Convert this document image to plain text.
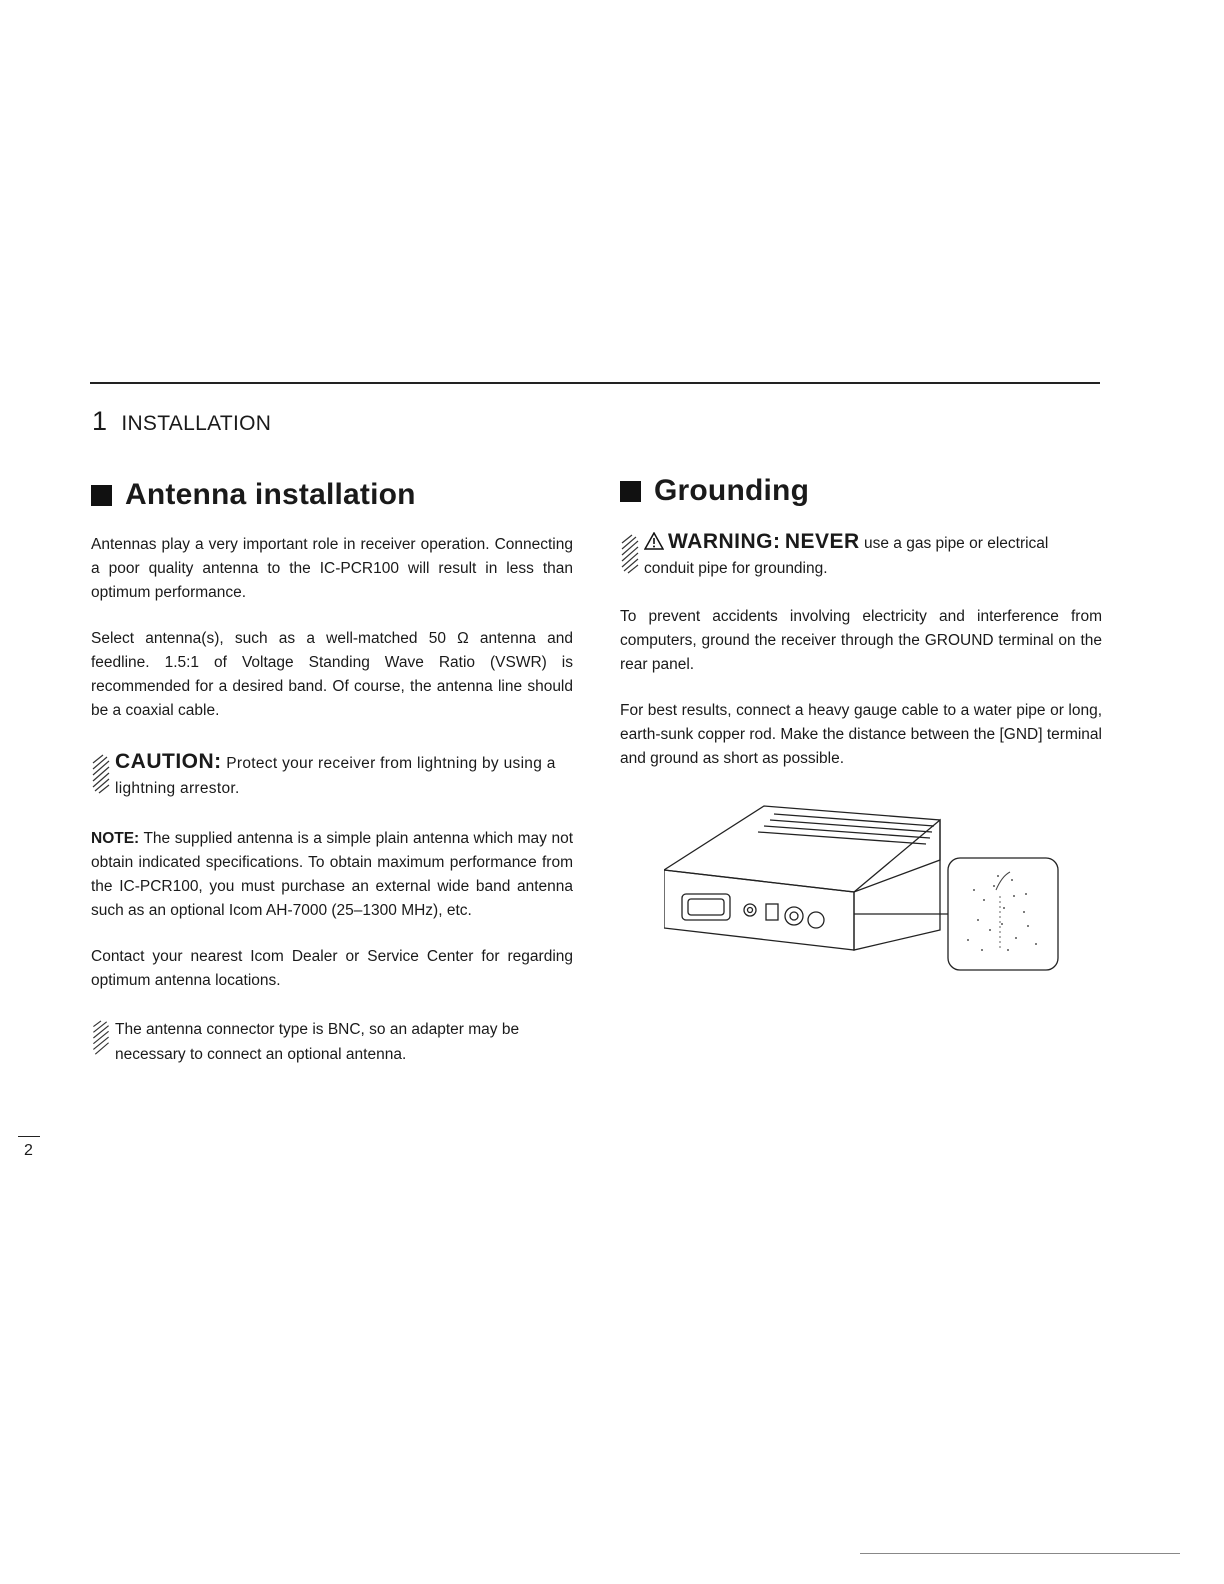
1 INSTALLATION
Antenna installation

Antennas play a very important role in receiver operation. Connecting a poor quality antenna to the IC-PCR100 will result in less than optimum performance.

Select antenna(s), such as a well-matched 50 Ω antenna and feedline. 1.5:1 of Voltage Standing Wave Ratio (VSWR) is recommended for a desired band. Of course, the antenna line should be a coaxial cable.

CAUTION: Protect your receiver from lightning by using a lightning arrestor.

NOTE: The supplied antenna is a simple plain antenna which may not obtain indicated specifications. To obtain maximum performance from the IC-PCR100, you must purchase an external wide band antenna such as an optional Icom AH-7000 (25–1300 MHz), etc.

Contact your nearest Icom Dealer or Service Center for regarding optimum antenna locations.

The antenna connector type is BNC, so an adapter may be necessary to connect an optional antenna.
Grounding
WARNING: NEVER use a gas pipe or electrical conduit pipe for grounding.

To prevent accidents involving electricity and interference from computers, ground the receiver through the GROUND terminal on the rear panel.

For best results, connect a heavy gauge cable to a water pipe or long, earth-sunk copper rod. Make the distance between the [GND] terminal and ground as short as possible.

2
